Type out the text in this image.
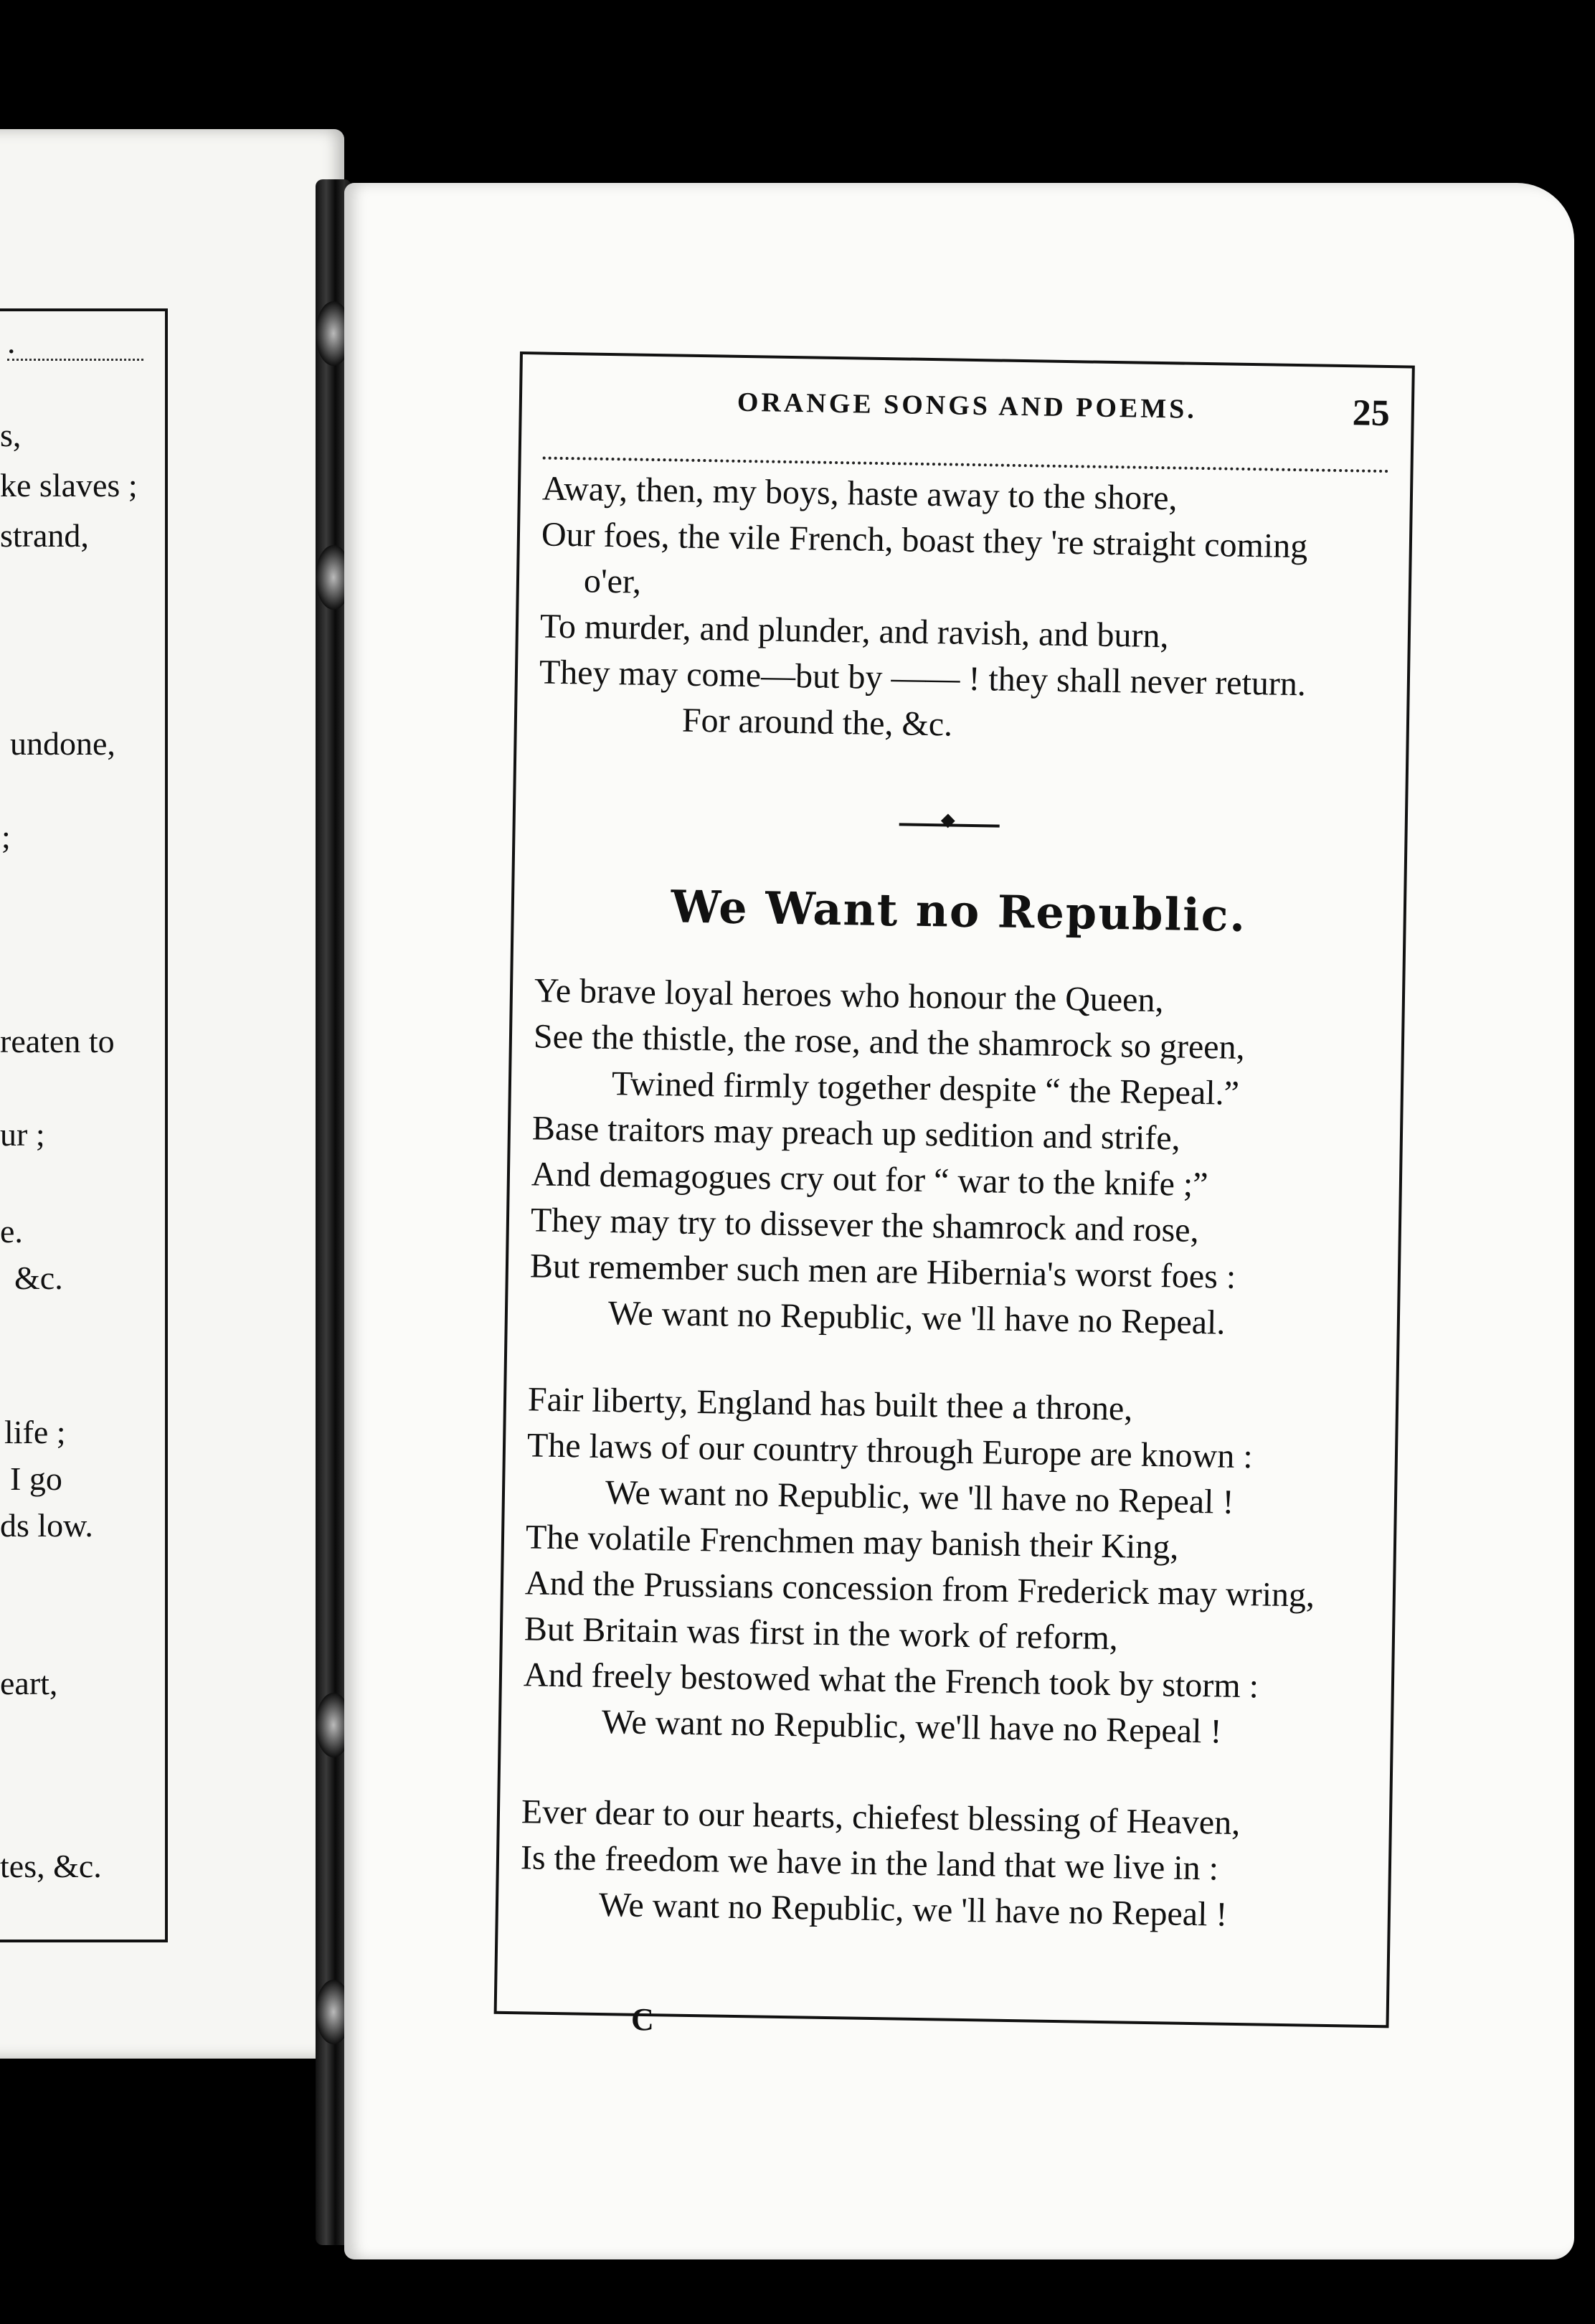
.
s,
ke slaves ;
strand,
undone,
;
reaten to
ur ;
e.
&c.
life ;
I go
ds low.
eart,
tes, &c.
ORANGE SONGS AND POEMS.	25
Away, then, my boys, haste away to the shore,
Our foes, the vile French, boast they 're straight coming
o'er,
To murder, and plunder, and ravish, and burn,
They may come—but by —— ! they shall never return.
For around the, &c.
We Want no Republic.
Ye brave loyal heroes who honour the Queen,
See the thistle, the rose, and the shamrock so green,
Twined firmly together despite “ the Repeal.”
Base traitors may preach up sedition and strife,
And demagogues cry out for “ war to the knife ;”
They may try to dissever the shamrock and rose,
But remember such men are Hibernia's worst foes :
We want no Republic, we 'll have no Repeal.
Fair liberty, England has built thee a throne,
The laws of our country through Europe are known :
We want no Republic, we 'll have no Repeal !
The volatile Frenchmen may banish their King,
And the Prussians concession from Frederick may wring,
But Britain was first in the work of reform,
And freely bestowed what the French took by storm :
We want no Republic, we'll have no Repeal !
Ever dear to our hearts, chiefest blessing of Heaven,
Is the freedom we have in the land that we live in :
We want no Republic, we 'll have no Repeal !
C
